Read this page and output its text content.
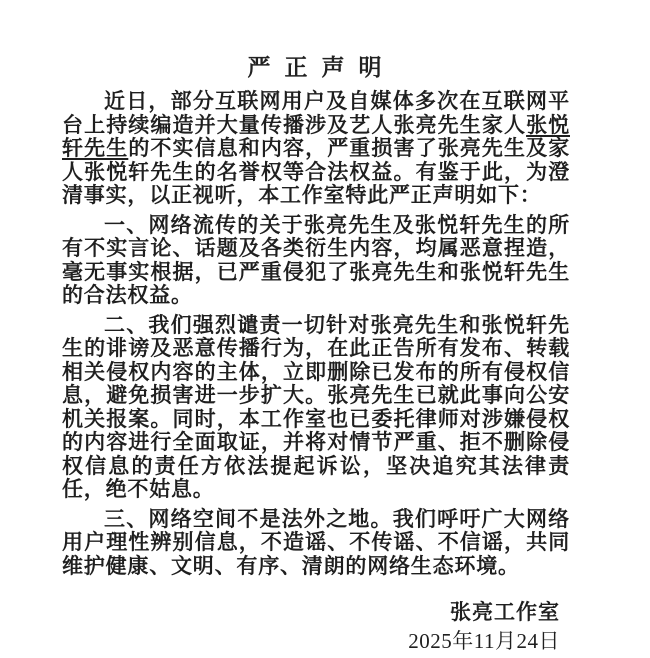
严 正 声 明

近日，部分互联网用户及自媒体多次在互联网平台上持续编造并大量传播涉及艺人张亮先生家人张悦轩先生的不实信息和内容，严重损害了张亮先生及家人张悦轩先生的名誉权等合法权益。有鉴于此，为澄清事实，以正视听，本工作室特此严正声明如下：

一、网络流传的关于张亮先生及张悦轩先生的所有不实言论、话题及各类衍生内容，均属恶意捏造，毫无事实根据，已严重侵犯了张亮先生和张悦轩先生的合法权益。

二、我们强烈谴责一切针对张亮先生和张悦轩先生的诽谤及恶意传播行为，在此正告所有发布、转载相关侵权内容的主体，立即删除已发布的所有侵权信息，避免损害进一步扩大。张亮先生已就此事向公安机关报案。同时，本工作室也已委托律师对涉嫌侵权的内容进行全面取证，并将对情节严重、拒不删除侵权信息的责任方依法提起诉讼，坚决追究其法律责任，绝不姑息。

三、网络空间不是法外之地。我们呼吁广大网络用户理性辨别信息，不造谣、不传谣、不信谣，共同维护健康、文明、有序、清朗的网络生态环境。

张亮工作室
2025年11月24日
